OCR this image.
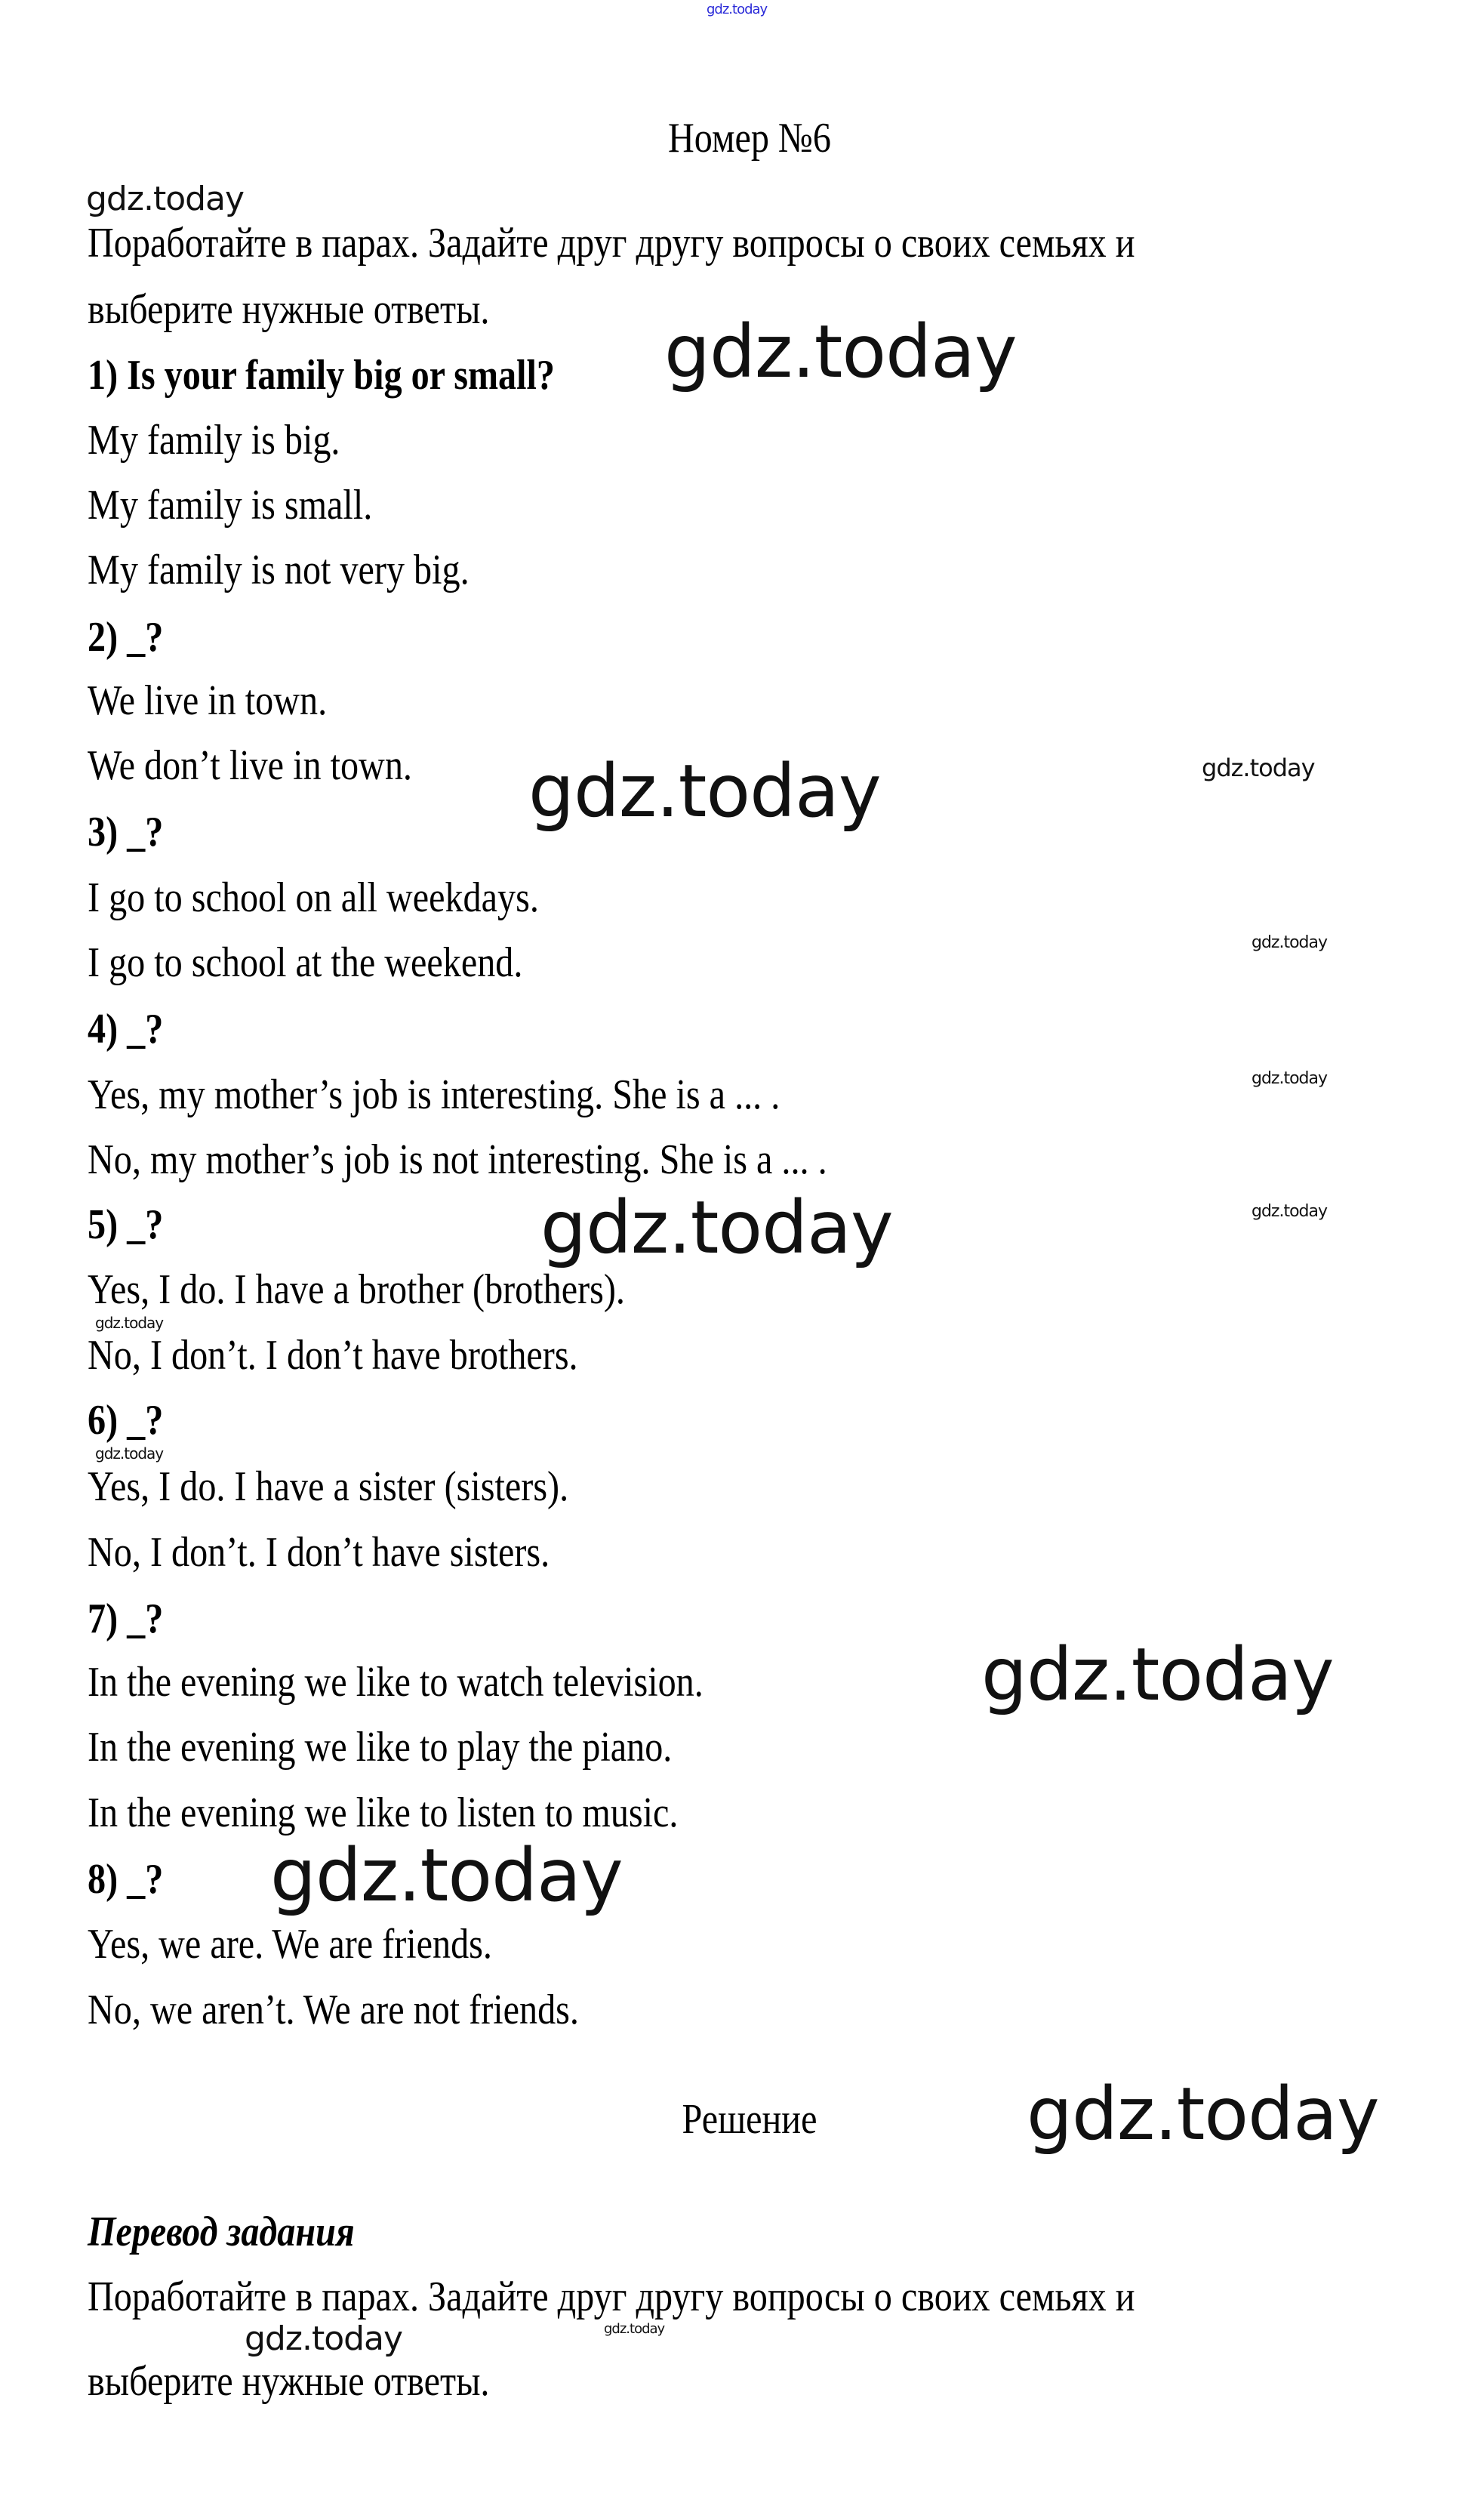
gdz.today
Номер №6
gdz.today
Поработайте в парах. Задайте друг другу вопросы о своих семьях и
выберите нужные ответы.
1) Is your family big or small? gdz.today
My family is big.
My family is small.
My family is not very big.
2) _?
We live in town.
We don’t live in town. gdz.today	gdz.today
3) _?
I go to school on all weekdays.
I go to school at the weekend.	gdz.today
4) _?
gdz.today
Yes, my mother’s job is interesting. She is a ... .
No, my mother’s job is not interesting. She is a ... .
5) _?	gdz.today	gdz.today
Yes, I do. I have a brother (brothers).
gdz.today
No, I don’t. I don’t have brothers.
6) _?
gdz.today
Yes, I do. I have a sister (sisters).
No, I don’t. I don’t have sisters.
7) _?
In the evening we like to watch television.	gdz.today
In the evening we like to play the piano.
In the evening we like to listen to music.
8) _? gdz.today
Yes, we are. We are friends.
No, we aren’t. We are not friends.
Решение	gdz.today
Перевод задания
Поработайте в парах. Задайте друг другу вопросы о своих семьях и
gdz.today
gdz.today
выберите нужные ответы.
